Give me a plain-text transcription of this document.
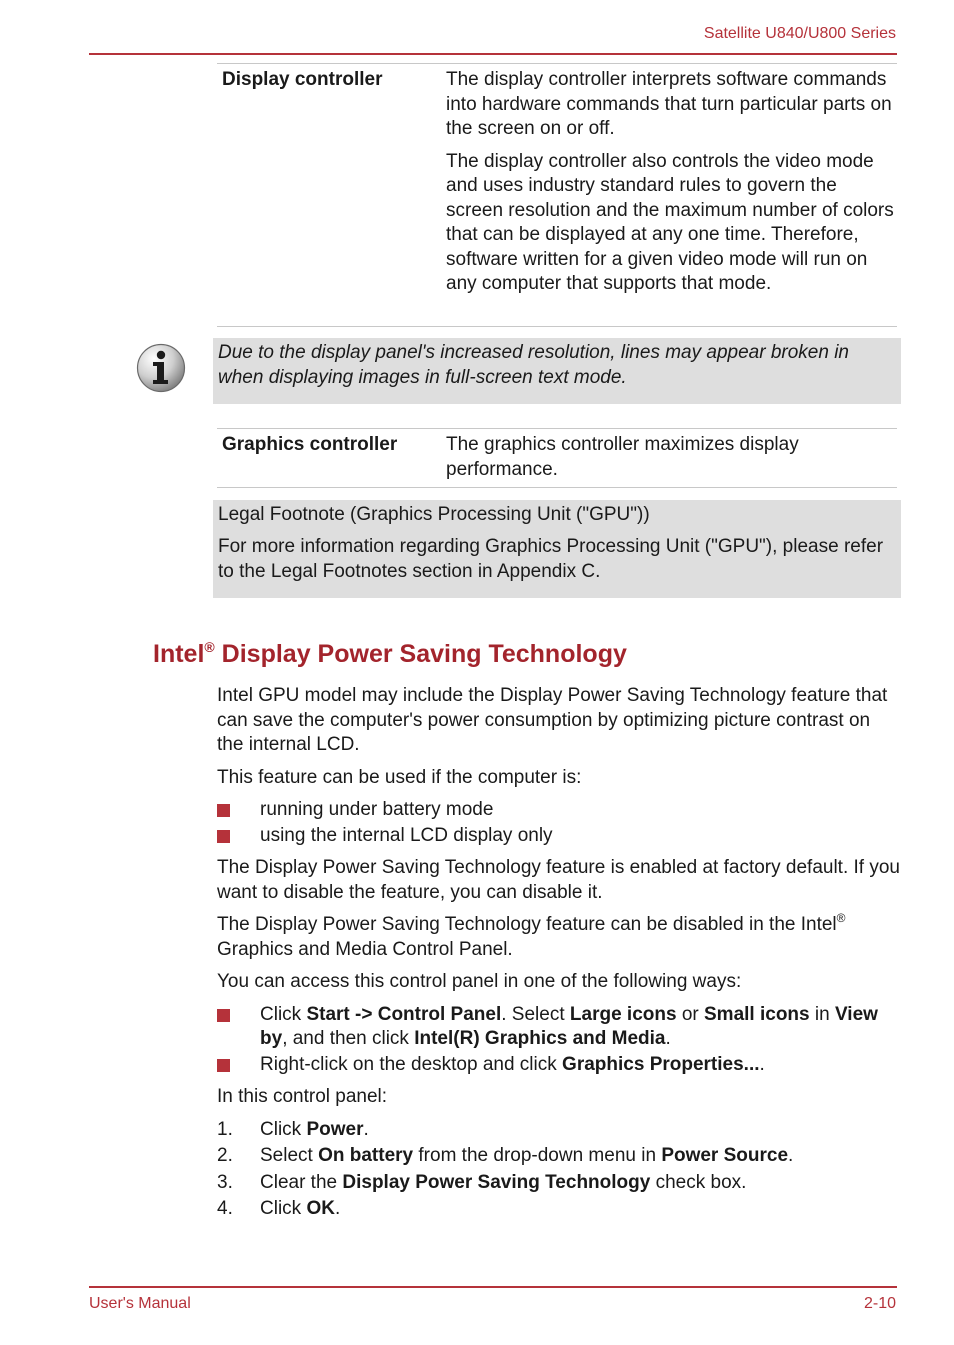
Satellite U840/U800 Series
Display controller	The display controller interprets software commands into hardware commands that turn particular parts on the screen on or off.

The display controller also controls the video mode and uses industry standard rules to govern the screen resolution and the maximum number of colors that can be displayed at any one time. Therefore, software written for a given video mode will run on any computer that supports that mode.

Due to the display panel's increased resolution, lines may appear broken in when displaying images in full-screen text mode.
Graphics controller	The graphics controller maximizes display performance.
Legal Footnote (Graphics Processing Unit ("GPU"))
For more information regarding Graphics Processing Unit ("GPU"), please refer to the Legal Footnotes section in Appendix C.
Intel® Display Power Saving Technology

Intel GPU model may include the Display Power Saving Technology feature that can save the computer's power consumption by optimizing picture contrast on the internal LCD.

This feature can be used if the computer is:

running under battery mode
using the internal LCD display only

The Display Power Saving Technology feature is enabled at factory default. If you want to disable the feature, you can disable it.

The Display Power Saving Technology feature can be disabled in the Intel® Graphics and Media Control Panel.

You can access this control panel in one of the following ways:

Click Start -> Control Panel. Select Large icons or Small icons in View by, and then click Intel(R) Graphics and Media.
Right-click on the desktop and click Graphics Properties....

In this control panel:

1. Click Power.
2. Select On battery from the drop-down menu in Power Source.
3. Clear the Display Power Saving Technology check box.
4. Click OK.
User's Manual	2-10
